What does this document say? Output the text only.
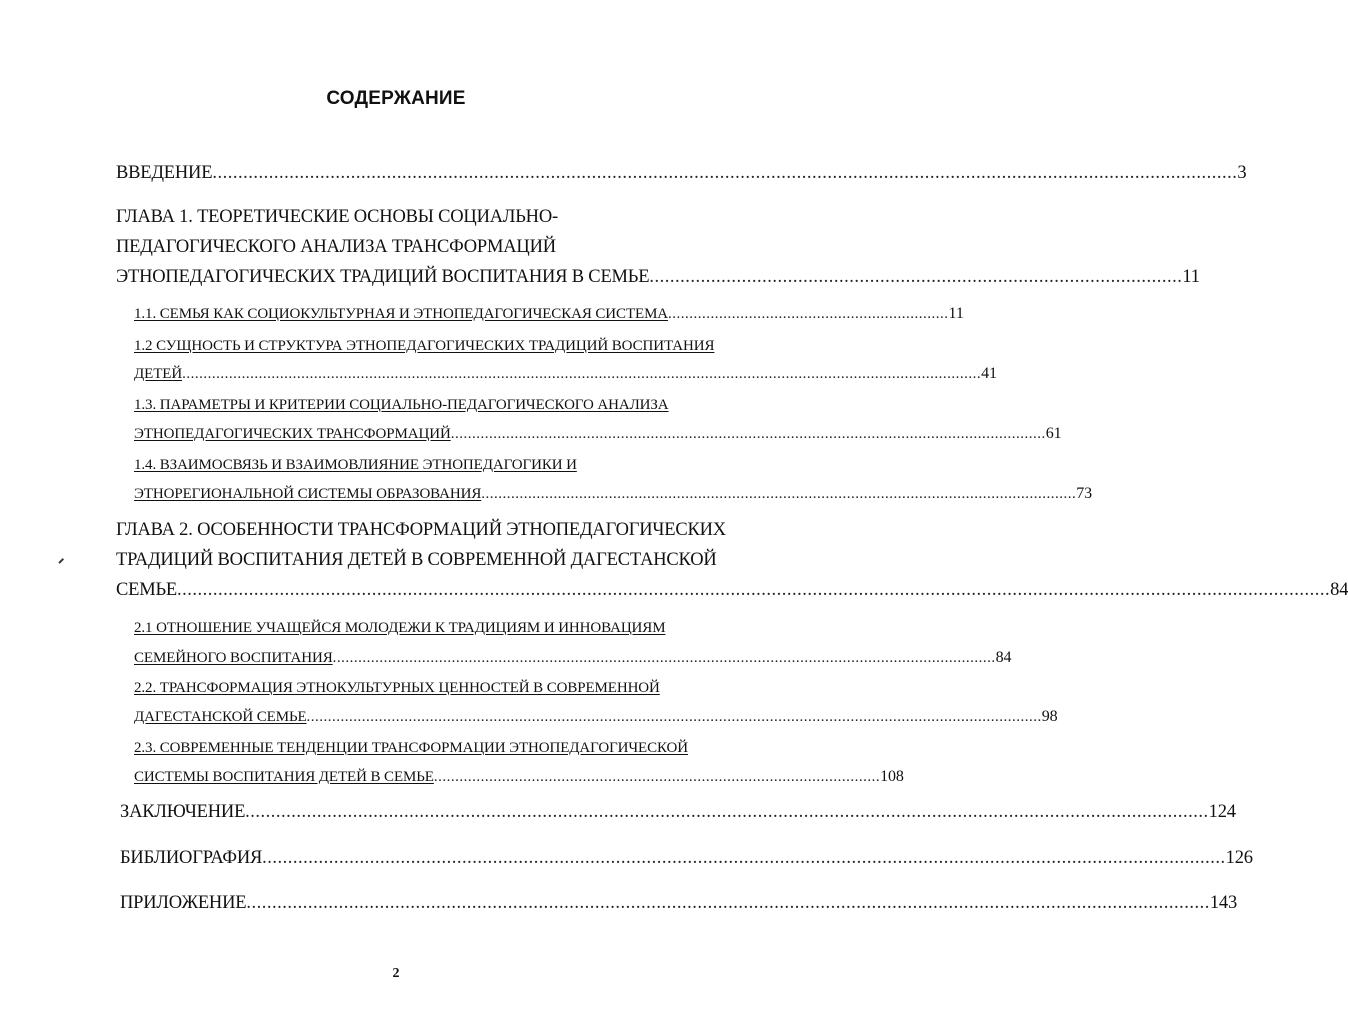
СОДЕРЖАНИЕ
ВВЕДЕНИЕ ........................................................................................................................................................................................................ 3
ГЛАВА 1. ТЕОРЕТИЧЕСКИЕ ОСНОВЫ СОЦИАЛЬНО-
ПЕДАГОГИЧЕСКОГО АНАЛИЗА ТРАНСФОРМАЦИЙ
ЭТНОПЕДАГОГИЧЕСКИХ ТРАДИЦИЙ ВОСПИТАНИЯ В СЕМЬЕ ........................................................................................................ 11
1.1. СЕМЬЯ КАК СОЦИОКУЛЬТУРНАЯ И ЭТНОПЕДАГОГИЧЕСКАЯ СИСТЕМА .................................................................. 11
1.2 СУЩНОСТЬ И СТРУКТУРА ЭТНОПЕДАГОГИЧЕСКИХ ТРАДИЦИЙ ВОСПИТАНИЯ
ДЕТЕЙ ............................................................................................................................................................................................ 41
1.3. ПАРАМЕТРЫ И КРИТЕРИИ СОЦИАЛЬНО-ПЕДАГОГИЧЕСКОГО АНАЛИЗА
ЭТНОПЕДАГОГИЧЕСКИХ ТРАНСФОРМАЦИЙ ............................................................................................................................................ 61
1.4. ВЗАИМОСВЯЗЬ И ВЗАИМОВЛИЯНИЕ ЭТНОПЕДАГОГИКИ И
ЭТНОРЕГИОНАЛЬНОЙ СИСТЕМЫ ОБРАЗОВАНИЯ ............................................................................................................................................ 73
ГЛАВА 2. ОСОБЕННОСТИ ТРАНСФОРМАЦИЙ ЭТНОПЕДАГОГИЧЕСКИХ
ТРАДИЦИЙ ВОСПИТАНИЯ ДЕТЕЙ В СОВРЕМЕННОЙ ДАГЕСТАНСКОЙ
СЕМЬЕ ................................................................................................................................................................................................................................. 84
2.1 ОТНОШЕНИЕ УЧАЩЕЙСЯ МОЛОДЕЖИ К ТРАДИЦИЯМ И ИННОВАЦИЯМ
СЕМЕЙНОГО ВОСПИТАНИЯ ............................................................................................................................................................ 84
2.2. ТРАНСФОРМАЦИЯ ЭТНОКУЛЬТУРНЫХ ЦЕННОСТЕЙ В СОВРЕМЕННОЙ
ДАГЕСТАНСКОЙ СЕМЬЕ ............................................................................................................................................................................. 98
2.3. СОВРЕМЕННЫЕ ТЕНДЕНЦИИ ТРАНСФОРМАЦИИ ЭТНОПЕДАГОГИЧЕСКОЙ
СИСТЕМЫ ВОСПИТАНИЯ ДЕТЕЙ В СЕМЬЕ ......................................................................................................... 108
ЗАКЛЮЧЕНИЕ ............................................................................................................................................................................................ 124
БИБЛИОГРАФИЯ ............................................................................................................................................................................................ 126
ПРИЛОЖЕНИЕ ............................................................................................................................................................................................ 143
2
